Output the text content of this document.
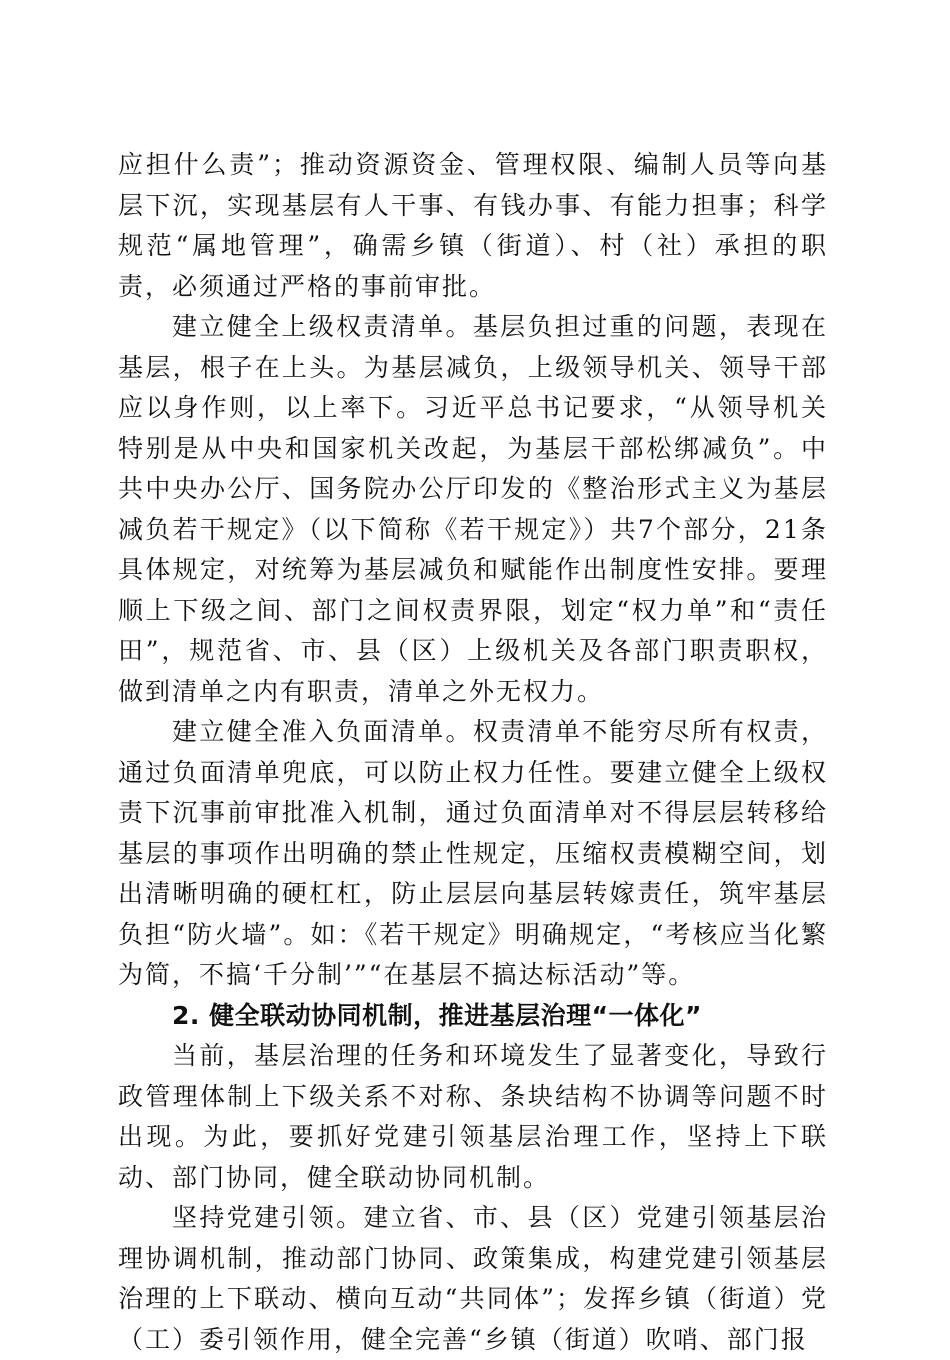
应担什么责”；推动资源资金、管理权限、编制人员等向基层下沉，实现基层有人干事、有钱办事、有能力担事；科学规范“属地管理”，确需乡镇（街道）、村（社）承担的职责，必须通过严格的事前审批。

建立健全上级权责清单。基层负担过重的问题，表现在基层，根子在上头。为基层减负，上级领导机关、领导干部应以身作则，以上率下。习近平总书记要求，“从领导机关特别是从中央和国家机关改起，为基层干部松绑减负”。中共中央办公厅、国务院办公厅印发的《整治形式主义为基层减负若干规定》（以下简称《若干规定》）共7个部分，21条具体规定，对统筹为基层减负和赋能作出制度性安排。要理顺上下级之间、部门之间权责界限，划定“权力单”和“责任田”，规范省、市、县（区）上级机关及各部门职责职权，做到清单之内有职责，清单之外无权力。

建立健全准入负面清单。权责清单不能穷尽所有权责，通过负面清单兜底，可以防止权力任性。要建立健全上级权责下沉事前审批准入机制，通过负面清单对不得层层转移给基层的事项作出明确的禁止性规定，压缩权责模糊空间，划出清晰明确的硬杠杠，防止层层向基层转嫁责任，筑牢基层负担“防火墙”。如：《若干规定》明确规定，“考核应当化繁为简，不搞‘千分制’”“在基层不搞达标活动”等。

2. 健全联动协同机制，推进基层治理“一体化”

当前，基层治理的任务和环境发生了显著变化，导致行政管理体制上下级关系不对称、条块结构不协调等问题不时出现。为此，要抓好党建引领基层治理工作，坚持上下联动、部门协同，健全联动协同机制。

坚持党建引领。建立省、市、县（区）党建引领基层治理协调机制，推动部门协同、政策集成，构建党建引领基层治理的上下联动、横向互动“共同体”；发挥乡镇（街道）党（工）委引领作用，健全完善“乡镇（街道）吹哨、部门报
